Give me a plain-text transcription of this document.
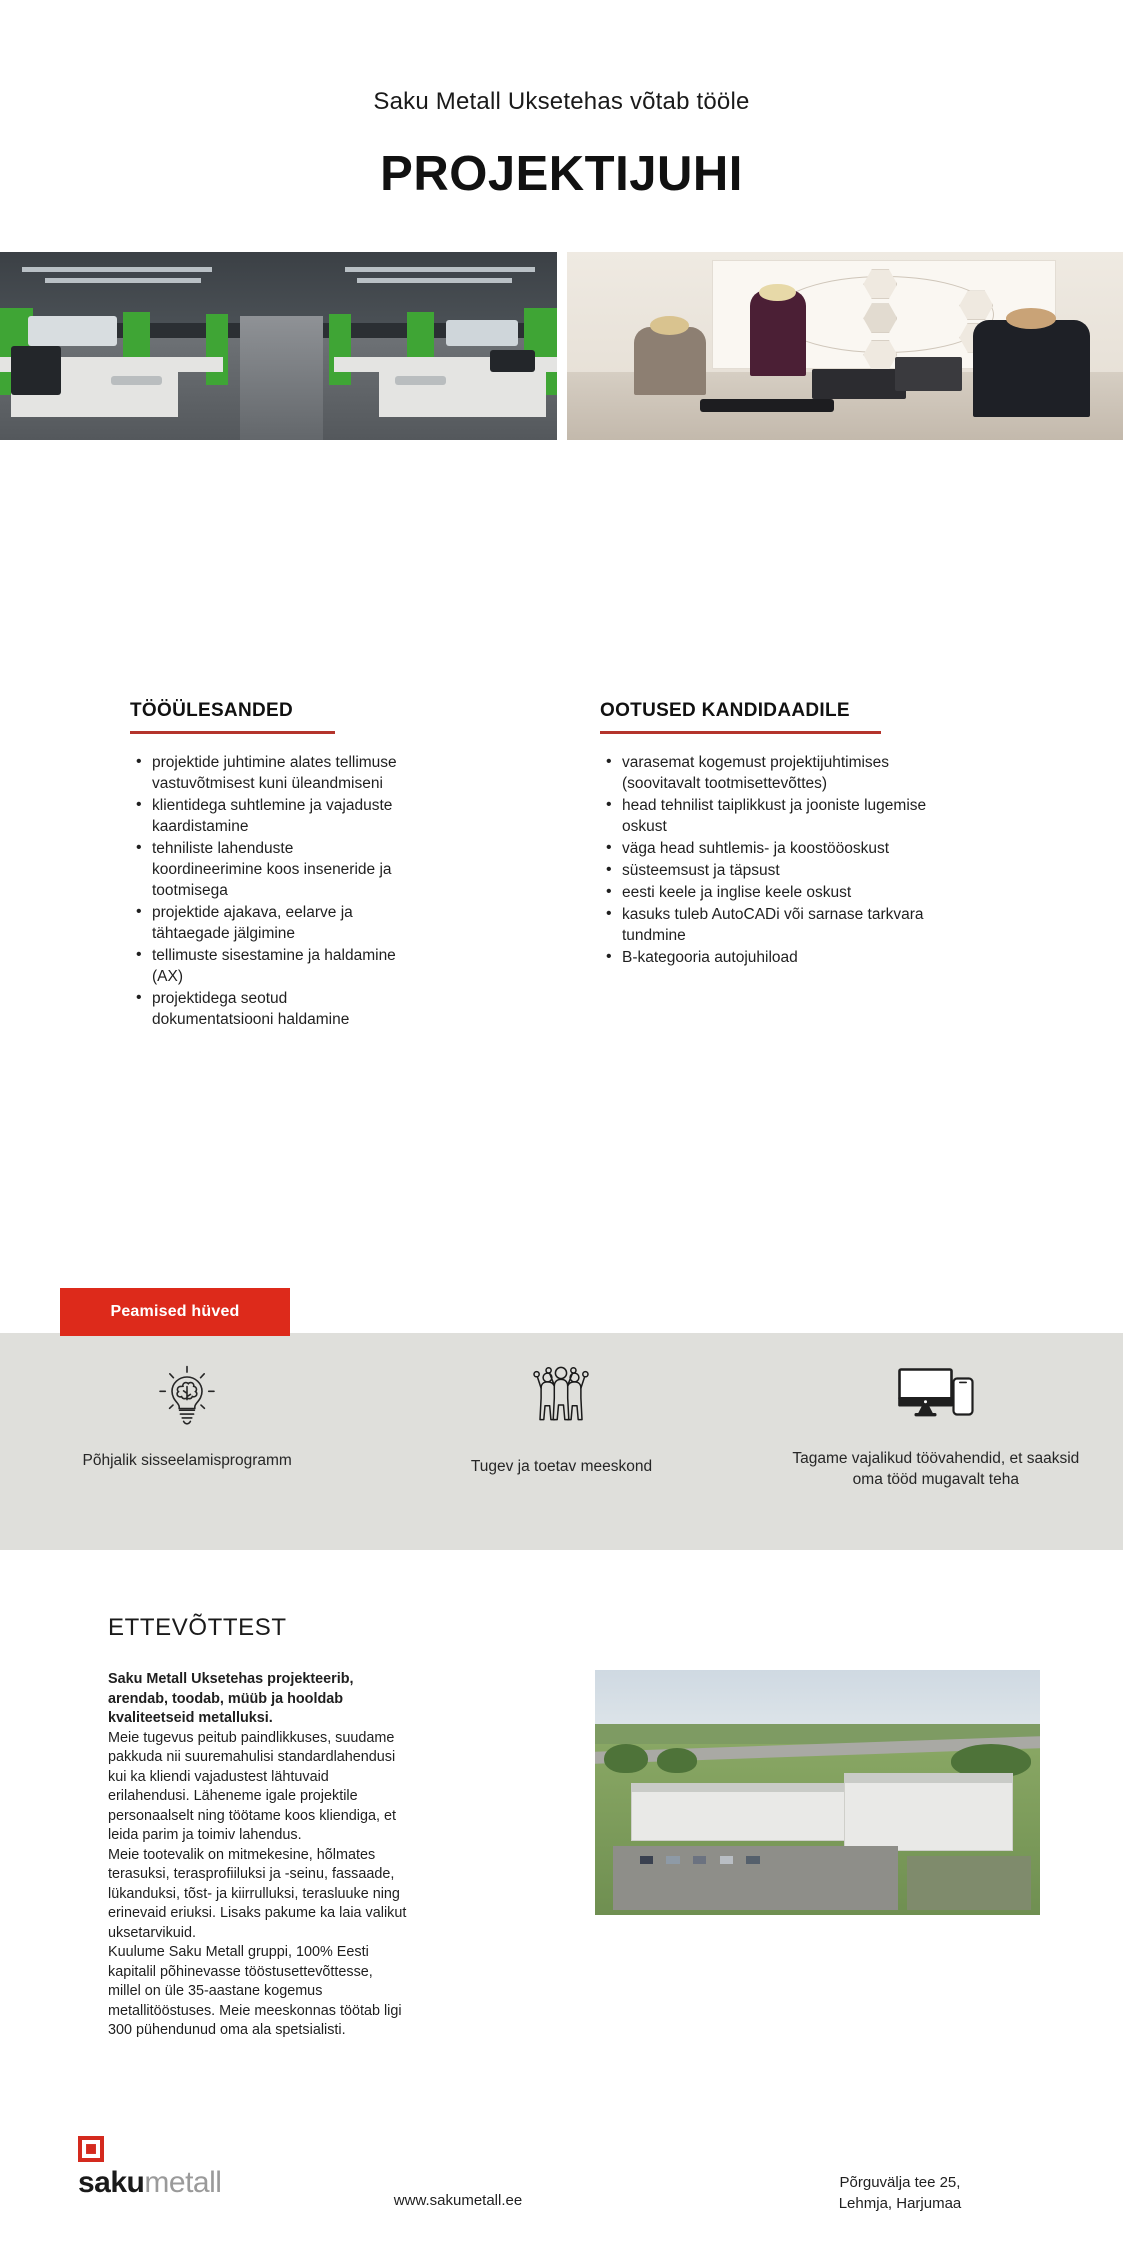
Saku Metall Uksetehas võtab tööle
PROJEKTIJUHI
TÖÖÜLESANDED
• projektide juhtimine alates tellimuse vastuvõtmisest kuni üleandmiseni
• klientidega suhtlemine ja vajaduste kaardistamine
• tehniliste lahenduste koordineerimine koos inseneride ja tootmisega
• projektide ajakava, eelarve ja tähtaegade jälgimine
• tellimuste sisestamine ja haldamine (AX)
• projektidega seotud dokumentatsiooni haldamine
OOTUSED KANDIDAADILE
• varasemat kogemust projektijuhtimises (soovitavalt tootmisettevõttes)
• head tehnilist taiplikkust ja jooniste lugemise oskust
• väga head suhtlemis- ja koostööoskust
• süsteemsust ja täpsust
• eesti keele ja inglise keele oskust
• kasuks tuleb AutoCADi või sarnase tarkvara tundmine
• B-kategooria autojuhiload
Peamised hüved
Põhjalik sisseelamisprogramm	Tugev ja toetav meeskond	Tagame vajalikud töövahendid, et saaksid oma tööd mugavalt teha
ETTEVÕTTEST

Saku Metall Uksetehas projekteerib, arendab, toodab, müüb ja hooldab kvaliteetseid metalluksi.

Meie tugevus peitub paindlikkuses, suudame pakkuda nii suuremahulisi standardlahendusi kui ka kliendi vajadustest lähtuvaid erilahendusi. Läheneme igale projektile personaalselt ning töötame koos kliendiga, et leida parim ja toimiv lahendus.

Meie tootevalik on mitmekesine, hõlmates terasuksi, terasprofiiluksi ja -seinu, fassaade, lükanduksi, tõst- ja kiirrulluksi, terasluuke ning erinevaid eriuksi. Lisaks pakume ka laia valikut uksetarvikuid.

Kuulume Saku Metall gruppi, 100% Eesti kapitalil põhinevasse tööstusettevõttesse, millel on üle 35-aastane kogemus metallitööstuses. Meie meeskonnas töötab ligi 300 pühendunud oma ala spetsialisti.

sakumetall
www.sakumetall.ee
Põrguvälja tee 25,
Lehmja, Harjumaa
